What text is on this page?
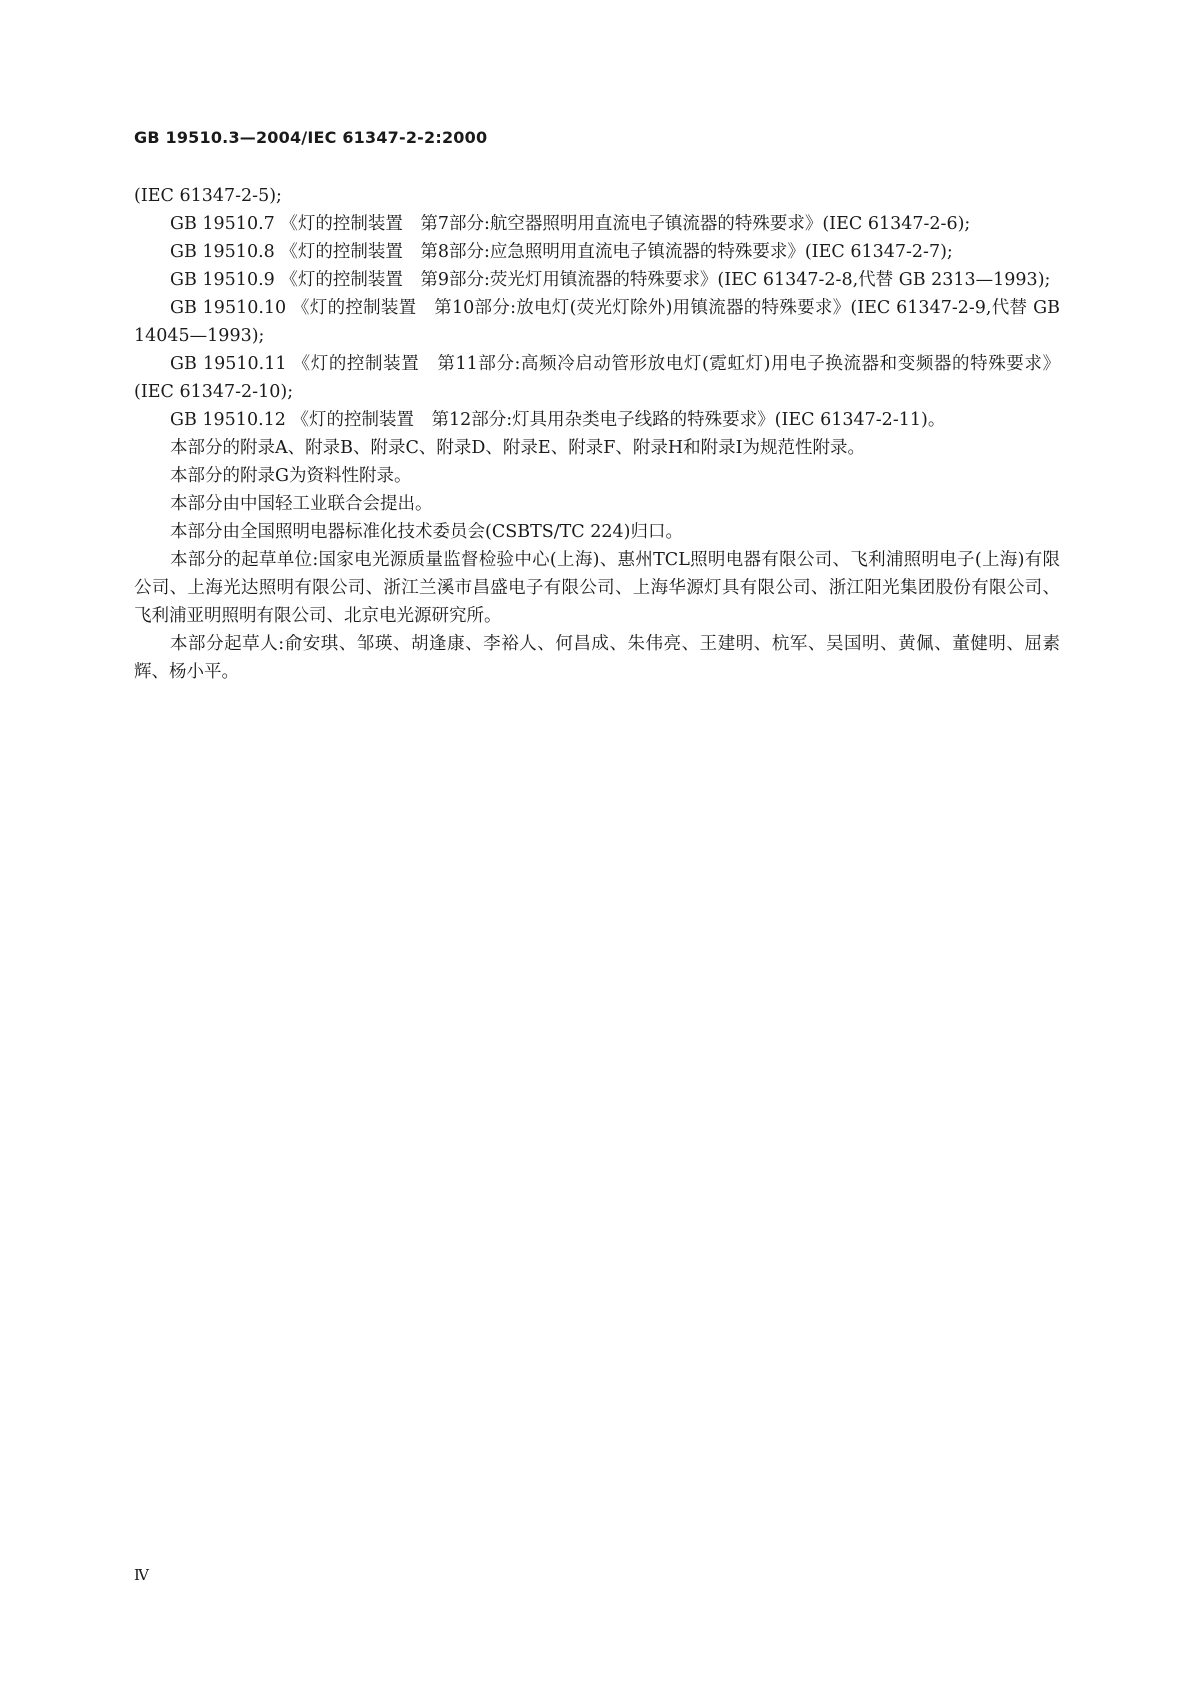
GB 19510.3—2004/IEC 61347-2-2:2000

(IEC 61347-2-5);

GB 19510.7 《灯的控制装置　第7部分:航空器照明用直流电子镇流器的特殊要求》(IEC 61347-2-6);

GB 19510.8 《灯的控制装置　第8部分:应急照明用直流电子镇流器的特殊要求》(IEC 61347-2-7);

GB 19510.9 《灯的控制装置　第9部分:荧光灯用镇流器的特殊要求》(IEC 61347-2-8,代替 GB 2313—1993);

GB 19510.10 《灯的控制装置　第10部分:放电灯(荧光灯除外)用镇流器的特殊要求》(IEC 61347-2-9,代替 GB 14045—1993);

GB 19510.11 《灯的控制装置　第11部分:高频冷启动管形放电灯(霓虹灯)用电子换流器和变频器的特殊要求》(IEC 61347-2-10);

GB 19510.12 《灯的控制装置　第12部分:灯具用杂类电子线路的特殊要求》(IEC 61347-2-11)。

本部分的附录A、附录B、附录C、附录D、附录E、附录F、附录H和附录I为规范性附录。

本部分的附录G为资料性附录。

本部分由中国轻工业联合会提出。

本部分由全国照明电器标准化技术委员会(CSBTS/TC 224)归口。

本部分的起草单位:国家电光源质量监督检验中心(上海)、惠州TCL照明电器有限公司、飞利浦照明电子(上海)有限公司、上海光达照明有限公司、浙江兰溪市昌盛电子有限公司、上海华源灯具有限公司、浙江阳光集团股份有限公司、飞利浦亚明照明有限公司、北京电光源研究所。

本部分起草人:俞安琪、邹瑛、胡逢康、李裕人、何昌成、朱伟亮、王建明、杭军、吴国明、黄佩、董健明、屈素辉、杨小平。

Ⅳ
